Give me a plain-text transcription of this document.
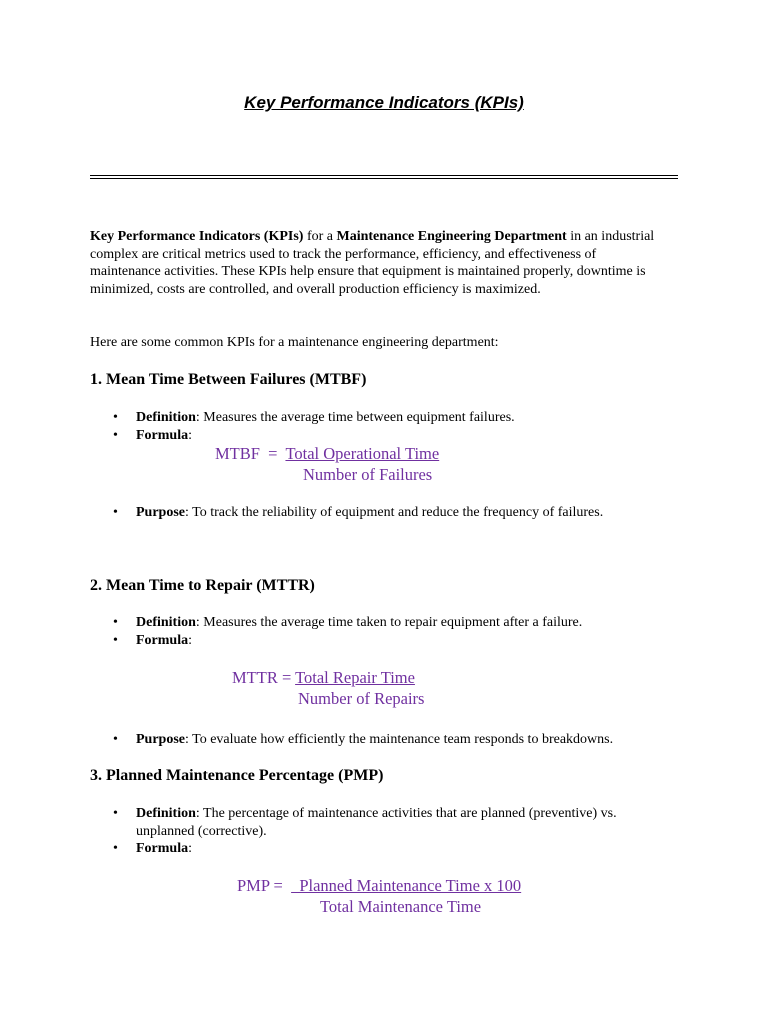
Key Performance Indicators (KPIs)

Key Performance Indicators (KPIs) for a Maintenance Engineering Department in an industrial complex are critical metrics used to track the performance, efficiency, and effectiveness of maintenance activities. These KPIs help ensure that equipment is maintained properly, downtime is minimized, costs are controlled, and overall production efficiency is maximized.

Here are some common KPIs for a maintenance engineering department:

1. Mean Time Between Failures (MTBF)
• Definition: Measures the average time between equipment failures.
• Formula:
MTBF  =  Total Operational Time
Number of Failures
• Purpose: To track the reliability of equipment and reduce the frequency of failures.
2. Mean Time to Repair (MTTR)
• Definition: Measures the average time taken to repair equipment after a failure.
• Formula:
MTTR = Total Repair Time
Number of Repairs
• Purpose: To evaluate how efficiently the maintenance team responds to breakdowns.
3. Planned Maintenance Percentage (PMP)
• Definition: The percentage of maintenance activities that are planned (preventive) vs. unplanned (corrective).
• Formula:
PMP =    Planned Maintenance Time x 100
Total Maintenance Time
